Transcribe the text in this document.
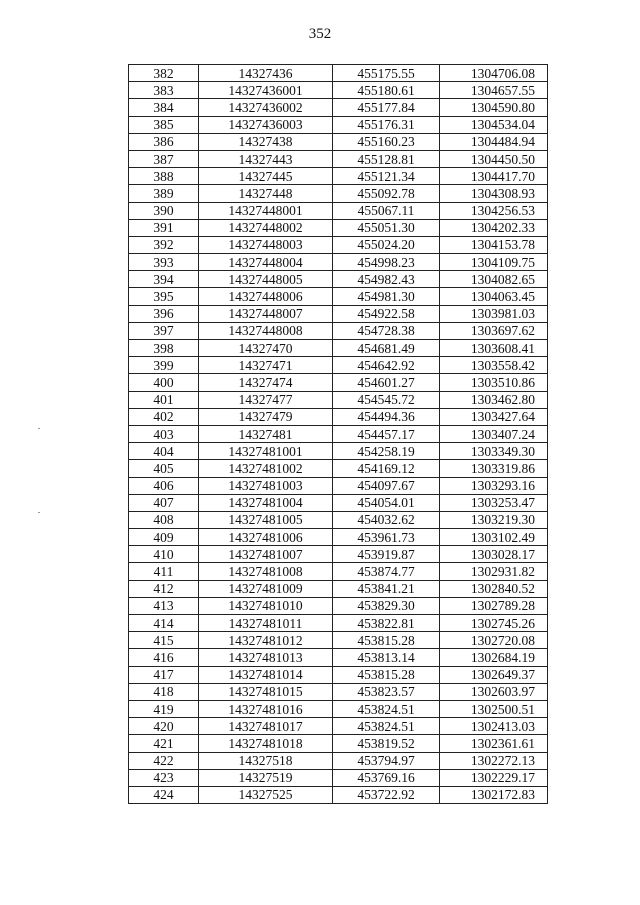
352
382	14327436	455175.55	1304706.08
383	14327436001	455180.61	1304657.55
384	14327436002	455177.84	1304590.80
385	14327436003	455176.31	1304534.04
386	14327438	455160.23	1304484.94
387	14327443	455128.81	1304450.50
388	14327445	455121.34	1304417.70
389	14327448	455092.78	1304308.93
390	14327448001	455067.11	1304256.53
391	14327448002	455051.30	1304202.33
392	14327448003	455024.20	1304153.78
393	14327448004	454998.23	1304109.75
394	14327448005	454982.43	1304082.65
395	14327448006	454981.30	1304063.45
396	14327448007	454922.58	1303981.03
397	14327448008	454728.38	1303697.62
398	14327470	454681.49	1303608.41
399	14327471	454642.92	1303558.42
400	14327474	454601.27	1303510.86
401	14327477	454545.72	1303462.80
402	14327479	454494.36	1303427.64
403	14327481	454457.17	1303407.24
404	14327481001	454258.19	1303349.30
405	14327481002	454169.12	1303319.86
406	14327481003	454097.67	1303293.16
407	14327481004	454054.01	1303253.47
408	14327481005	454032.62	1303219.30
409	14327481006	453961.73	1303102.49
410	14327481007	453919.87	1303028.17
411	14327481008	453874.77	1302931.82
412	14327481009	453841.21	1302840.52
413	14327481010	453829.30	1302789.28
414	14327481011	453822.81	1302745.26
415	14327481012	453815.28	1302720.08
416	14327481013	453813.14	1302684.19
417	14327481014	453815.28	1302649.37
418	14327481015	453823.57	1302603.97
419	14327481016	453824.51	1302500.51
420	14327481017	453824.51	1302413.03
421	14327481018	453819.52	1302361.61
422	14327518	453794.97	1302272.13
423	14327519	453769.16	1302229.17
424	14327525	453722.92	1302172.83
